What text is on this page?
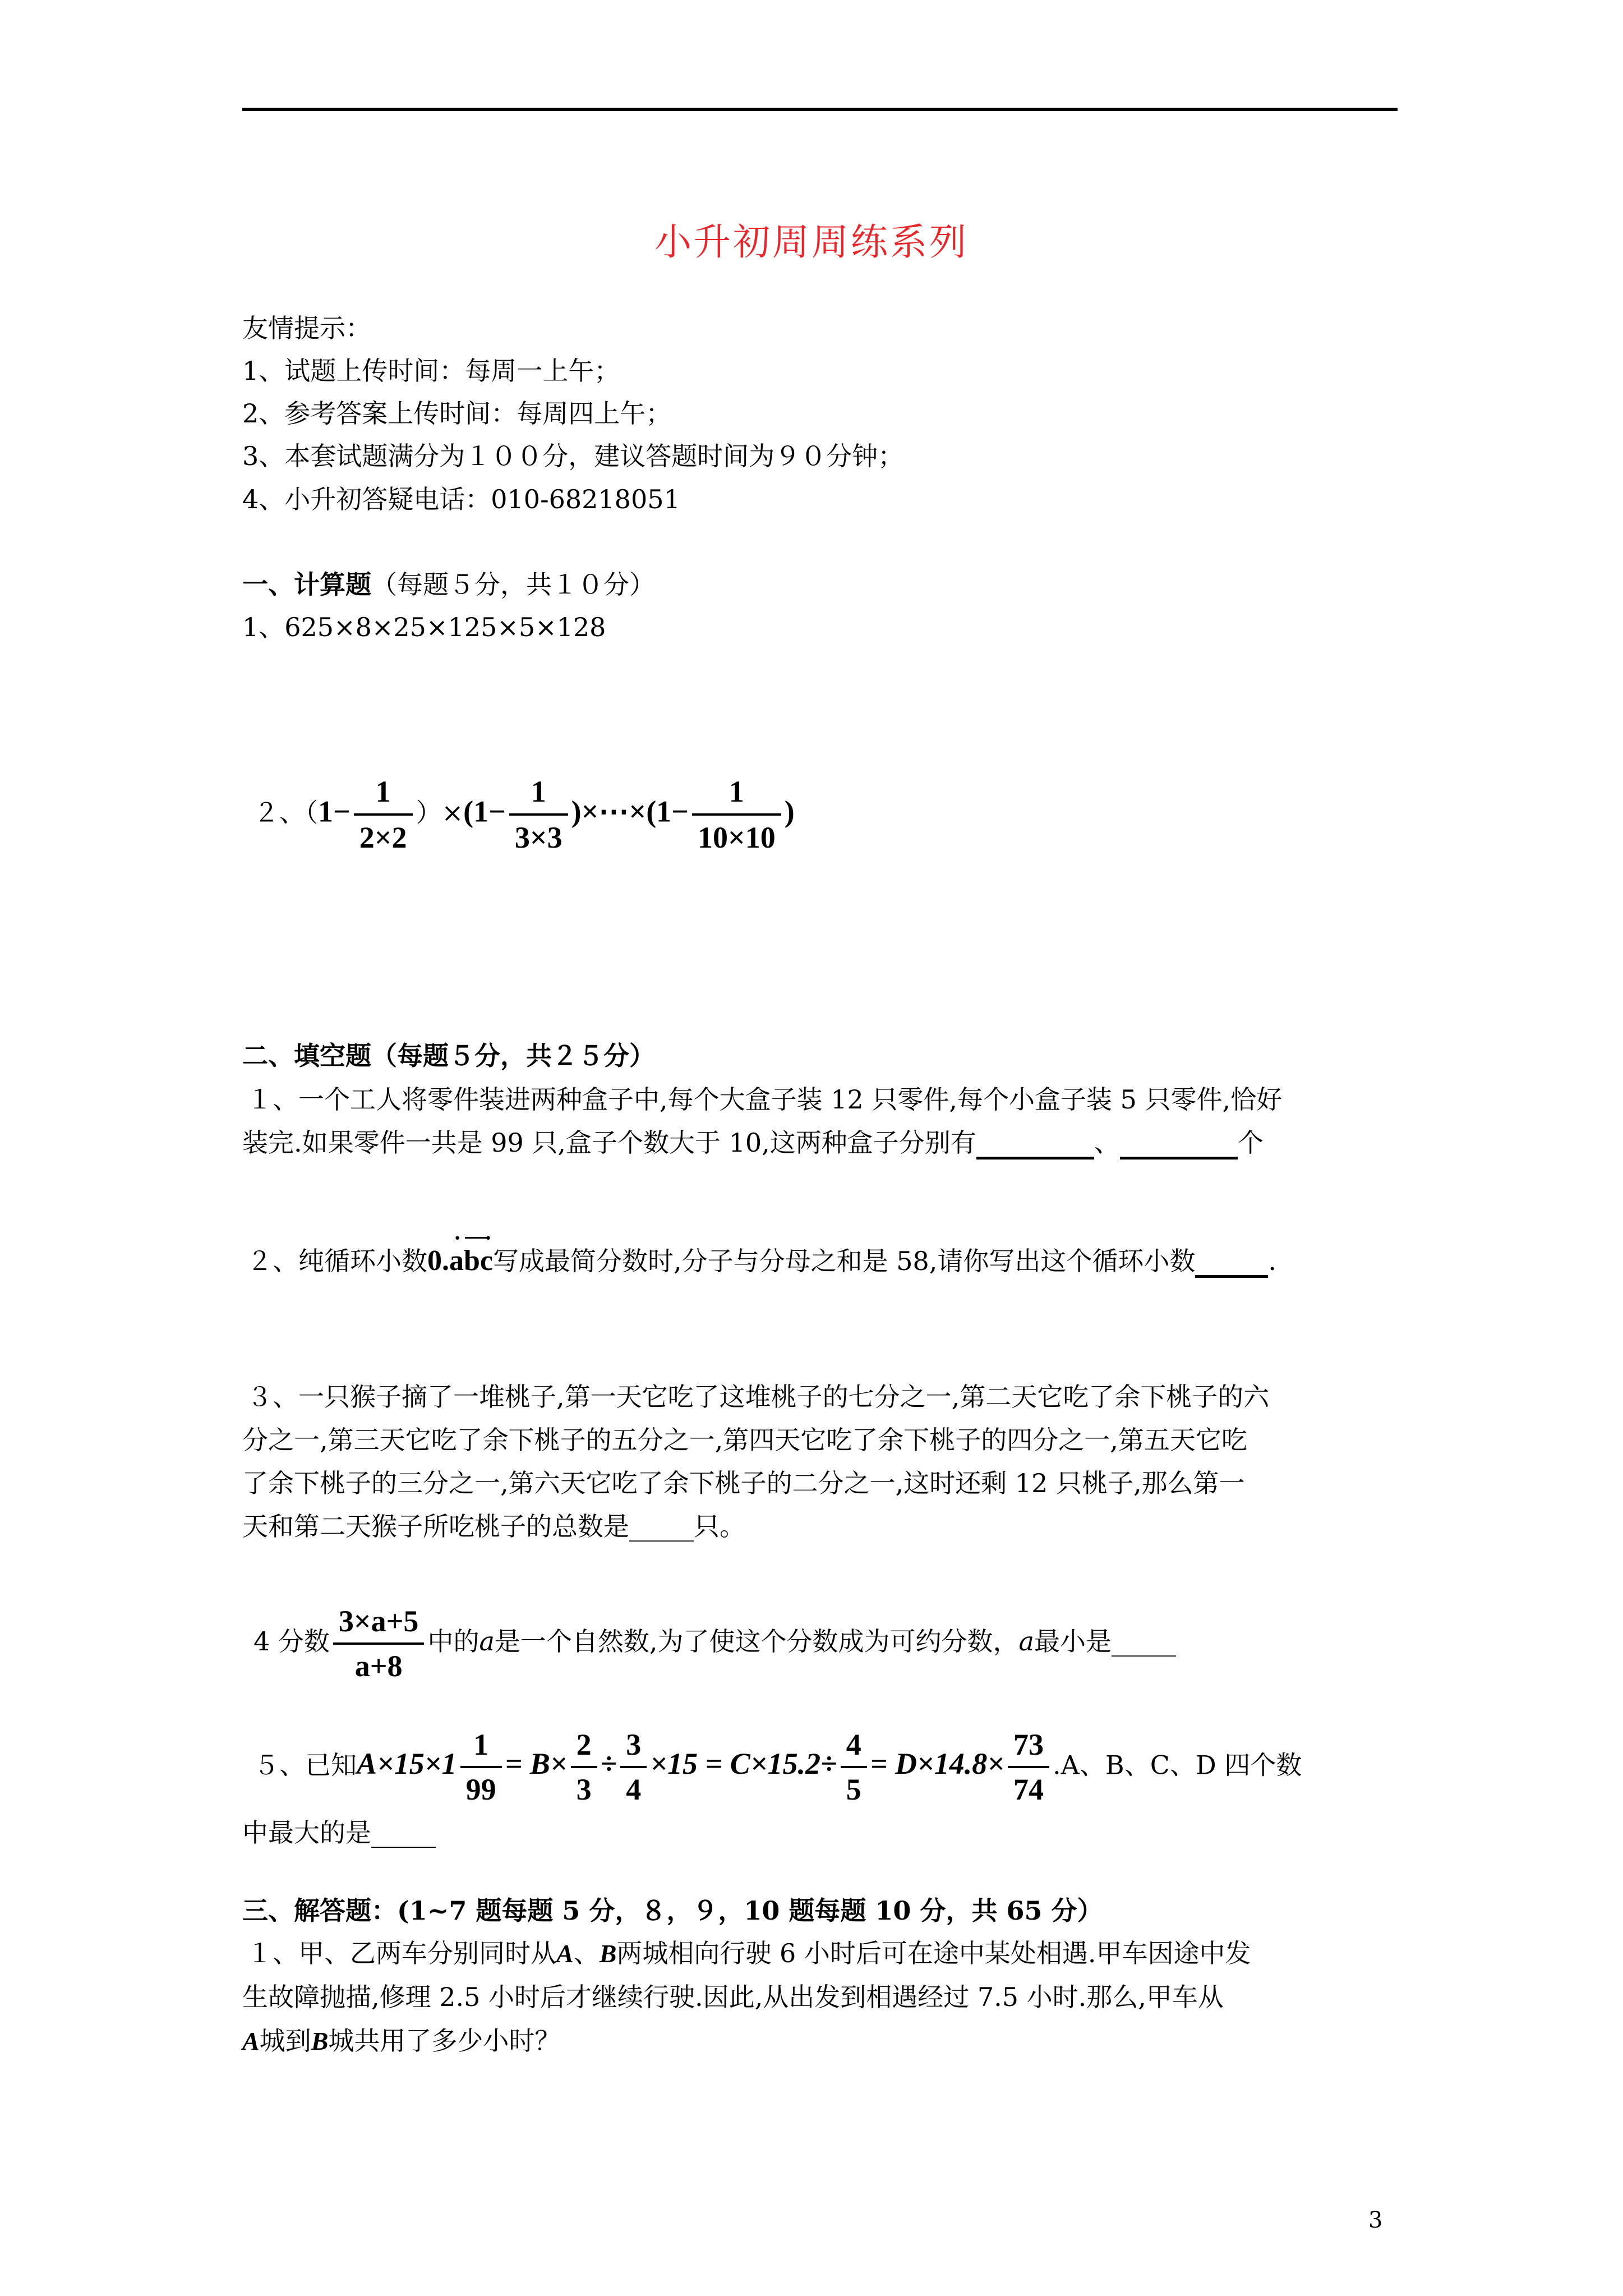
小升初周周练系列
友情提示：
1、试题上传时间：每周一上午；
2、参考答案上传时间：每周四上午；
3、本套试题满分为１００分，建议答题时间为９０分钟；
4、小升初答疑电话：010-68218051
一、计算题（每题５分，共１０分）
1、625×8×25×125×5×128
２、$(1- \frac{1}{2\times 2} )\times(1- \frac{1}{3\times 3}$ )×⋯×(1− $\frac{1}{10\times 10}$ )
二、填空题（每题５分，共２５分）
１、一个工人将零件装进两种盒子中,每个大盒子装 12 只零件,每个小盒子装 5 只零件,恰好
装完.如果零件一共是 99 只,盒子个数大于 10,这两种盒子分别有	、	个
２、纯循环小数0.· ab· c写成最简分数时,分子与分母之和是 58,请你写出这个循环小数	.
３、一只猴子摘了一堆桃子,第一天它吃了这堆桃子的七分之一,第二天它吃了余下桃子的六
分之一,第三天它吃了余下桃子的五分之一,第四天它吃了余下桃子的四分之一,第五天它吃
了余下桃子的三分之一,第六天它吃了余下桃子的二分之一,这时还剩 12 只桃子,那么第一
天和第二天猴子所吃桃子的总数是_____只。
4 分数 $\frac{3\times a+5}{a+8}$ 中的a是一个自然数,为了使这个分数成为可约分数，a最小是_____
５、已知$A\times 15\times 1 \frac{1}{99} = B\times \frac{2}{3} \div \frac{3}{4} \times 15 = C\times 15.2\div \frac{4}{5} = D\times 14.8\times \frac{73}{74} .A$、B、C、D 四个数
中最大的是_____
三、解答题：(1~7 题每题 5 分，８，９，10 题每题 10 分，共 65 分）
１、甲、乙两车分别同时从A、B两城相向行驶 6 小时后可在途中某处相遇.甲车因途中发
生故障抛描,修理 2.5 小时后才继续行驶.因此,从出发到相遇经过 7.5 小时.那么,甲车从
A城到B城共用了多少小时？
3
